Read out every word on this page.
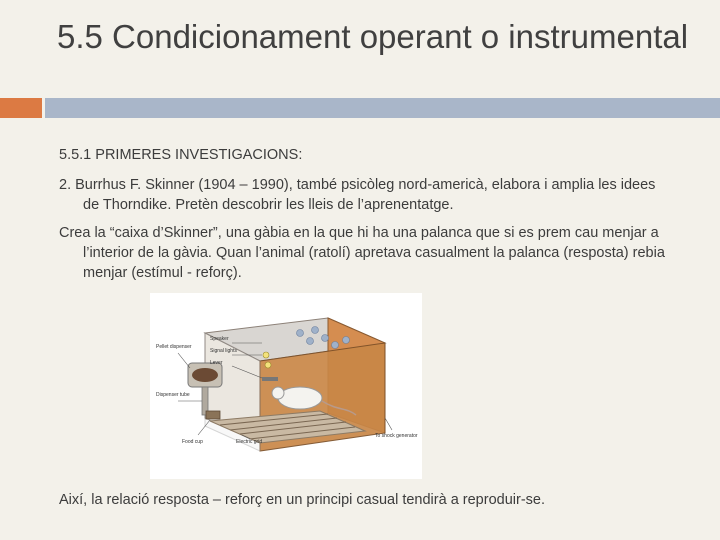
5.5 Condicionament operant o instrumental

5.5.1 PRIMERES INVESTIGACIONS:

2. Burrhus F. Skinner (1904 – 1990), també psicòleg nord-americà, elabora i amplia les idees de Thorndike. Pretèn descobrir les lleis de l’aprenentatge.

Crea la “caixa d’Skinner”, una gàbia en la que hi ha una palanca que si es prem cau menjar a l’interior de la gàvia. Quan l’animal (ratolí) apretava casualment la palanca (resposta) rebia menjar (estímul - reforç).

Speaker
Signal lights
Lever
Pellet dispenser
Dispenser tube
Food cup	Electric grid
To shock generator

Així, la relació resposta – reforç en un principi casual tendirà a reproduir-se.
